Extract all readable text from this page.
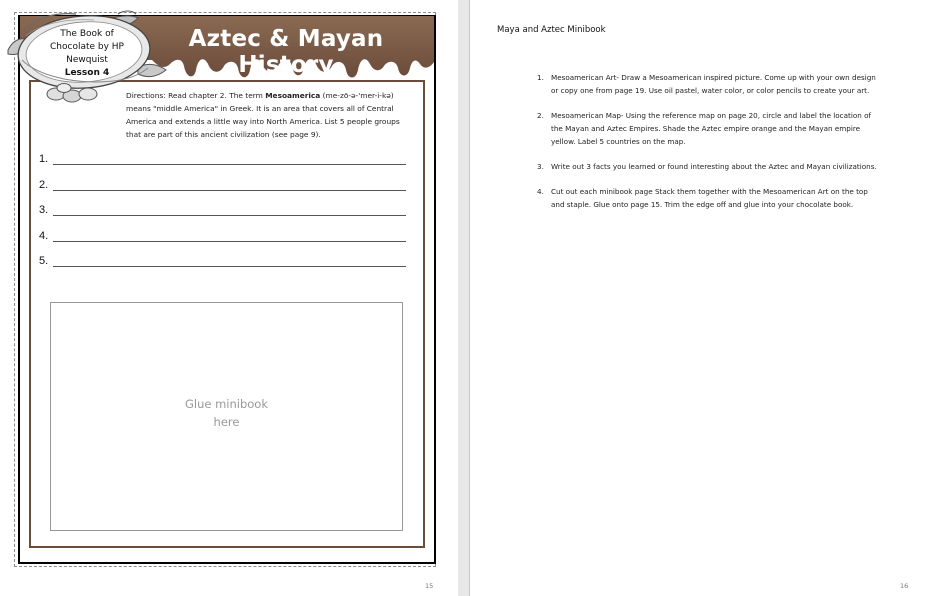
Aztec & Mayan History
The Book of
Chocolate by HP
Newquist
Lesson 4
Directions: Read chapter 2. The term Mesoamerica (me-zō-ə-'mer-i-kə) means "middle America" in Greek. It is an area that covers all of Central America and extends a little way into North America. List 5 people groups that are part of this ancient civilization (see page 9).
1.
2.
3.
4.
5.
Glue minibook
here
15
Maya and Aztec Minibook
1. Mesoamerican Art- Draw a Mesoamerican inspired picture. Come up with your own design or copy one from page 19. Use oil pastel, water color, or color pencils to create your art.
2. Mesoamerican Map- Using the reference map on page 20, circle and label the location of the Mayan and Aztec Empires. Shade the Aztec empire orange and the Mayan empire yellow. Label 5 countries on the map.
3. Write out 3 facts you learned or found interesting about the Aztec and Mayan civilizations.
4. Cut out each minibook page Stack them together with the Mesoamerican Art on the top and staple. Glue onto page 15. Trim the edge off and glue into your chocolate book.
16
